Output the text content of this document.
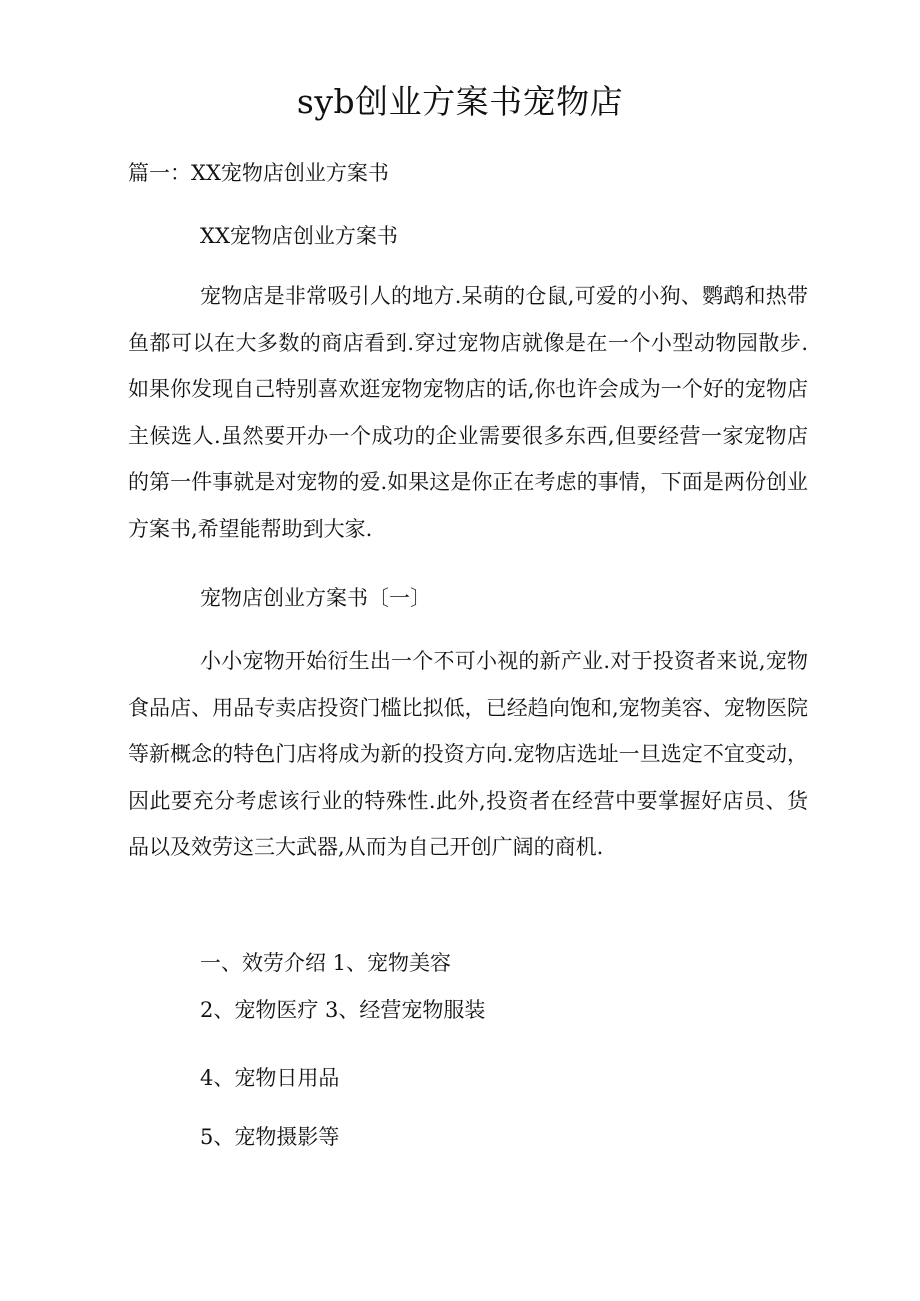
syb创业方案书宠物店
篇一：XX宠物店创业方案书
XX宠物店创业方案书
宠物店是非常吸引人的地方.呆萌的仓鼠,可爱的小狗、鹦鹉和热带鱼都可以在大多数的商店看到.穿过宠物店就像是在一个小型动物园散步.如果你发现自己特别喜欢逛宠物宠物店的话,你也许会成为一个好的宠物店主候选人.虽然要开办一个成功的企业需要很多东西,但要经营一家宠物店的第一件事就是对宠物的爱.如果这是你正在考虑的事情，下面是两份创业方案书,希望能帮助到大家.
宠物店创业方案书〔一〕
小小宠物开始衍生出一个不可小视的新产业.对于投资者来说,宠物食品店、用品专卖店投资门槛比拟低，已经趋向饱和,宠物美容、宠物医院等新概念的特色门店将成为新的投资方向.宠物店选址一旦选定不宜变动，因此要充分考虑该行业的特殊性.此外,投资者在经营中要掌握好店员、货品以及效劳这三大武器,从而为自己开创广阔的商机.
一、效劳介绍 1、宠物美容
2、宠物医疗 3、经营宠物服装
4、宠物日用品
5、宠物摄影等
